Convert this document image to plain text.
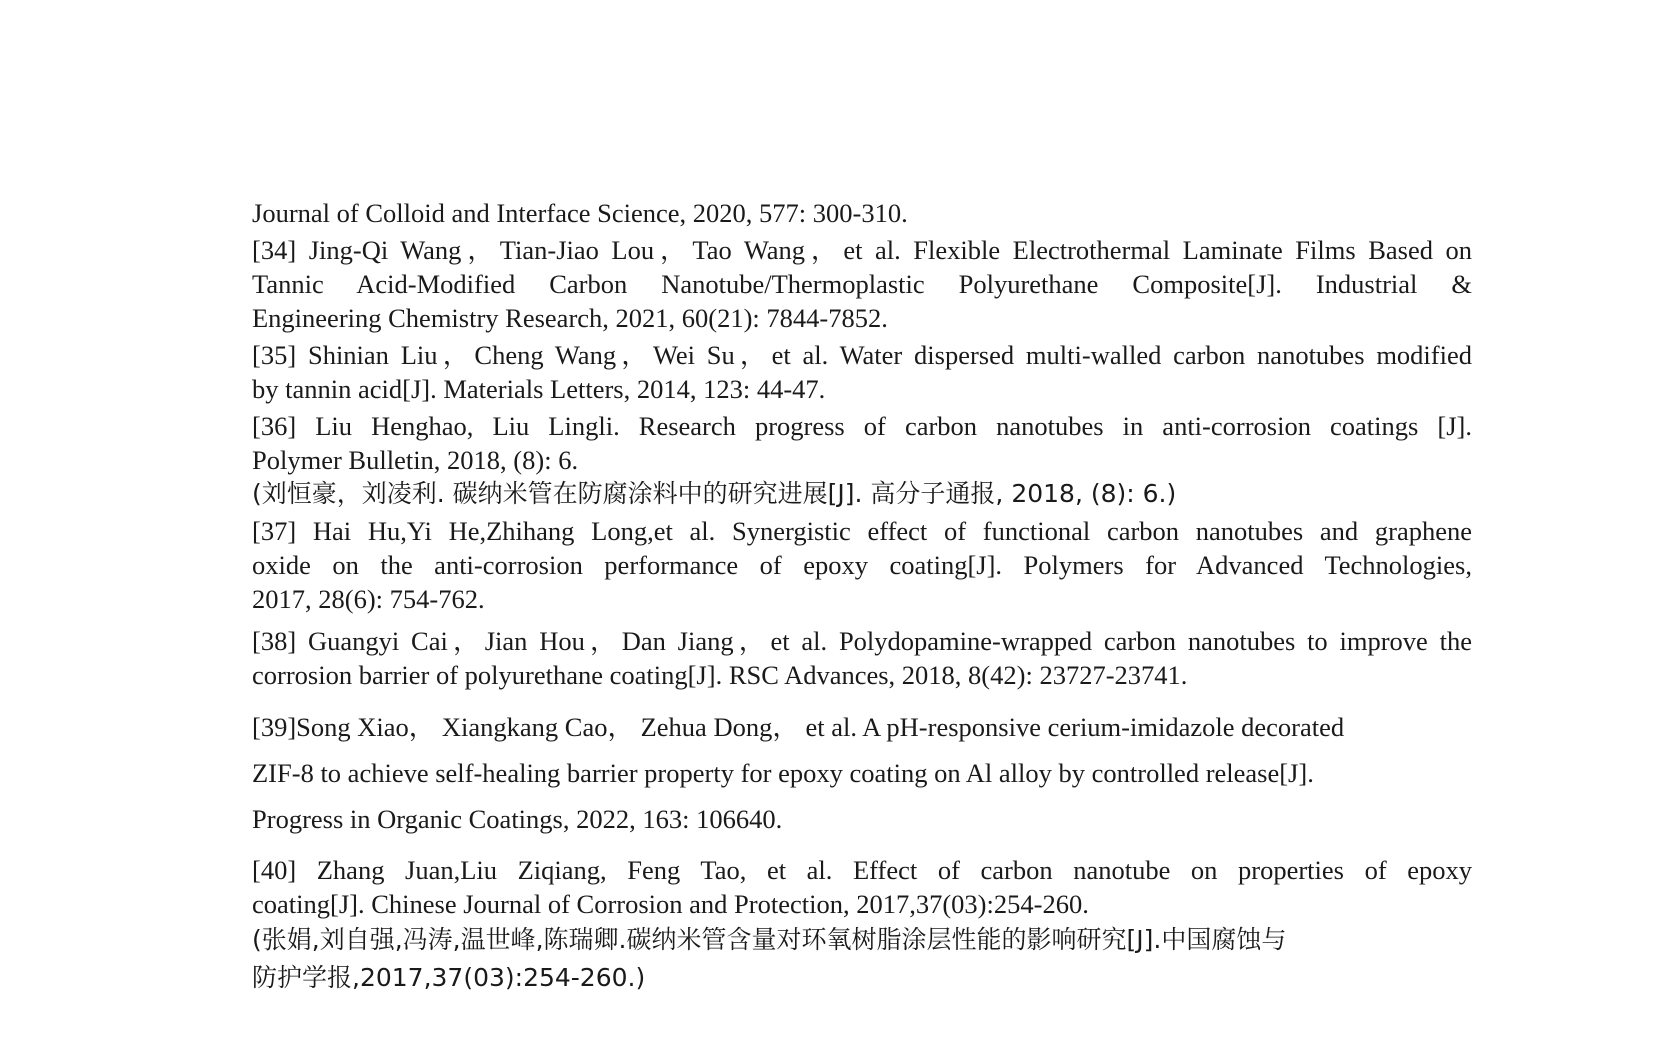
Journal of Colloid and Interface Science, 2020, 577: 300-310.
[34] Jing-Qi Wang，Tian-Jiao Lou，Tao Wang，et al. Flexible Electrothermal Laminate Films Based on
Tannic Acid-Modified Carbon Nanotube/Thermoplastic Polyurethane Composite[J]. Industrial &
Engineering Chemistry Research, 2021, 60(21): 7844-7852.
[35] Shinian Liu，Cheng Wang，Wei Su，et al. Water dispersed multi-walled carbon nanotubes modified
by tannin acid[J]. Materials Letters, 2014, 123: 44-47.
[36] Liu Henghao, Liu Lingli. Research progress of carbon nanotubes in anti-corrosion coatings [J].
Polymer Bulletin, 2018, (8): 6.
(刘恒豪，刘凌利. 碳纳米管在防腐涂料中的研究进展[J]. 高分子通报, 2018, (8): 6.)
[37] Hai Hu,Yi He,Zhihang Long,et al. Synergistic effect of functional carbon nanotubes and graphene
oxide on the anti-corrosion performance of epoxy coating[J]. Polymers for Advanced Technologies,
2017, 28(6): 754-762.
[38] Guangyi Cai，Jian Hou，Dan Jiang，et al. Polydopamine-wrapped carbon nanotubes to improve the
corrosion barrier of polyurethane coating[J]. RSC Advances, 2018, 8(42): 23727-23741.
[39]Song Xiao， Xiangkang Cao， Zehua Dong， et al. A pH-responsive cerium-imidazole decorated
ZIF-8 to achieve self-healing barrier property for epoxy coating on Al alloy by controlled release[J].
Progress in Organic Coatings, 2022, 163: 106640.
[40] Zhang Juan,Liu Ziqiang, Feng Tao, et al. Effect of carbon nanotube on properties of epoxy
coating[J]. Chinese Journal of Corrosion and Protection, 2017,37(03):254-260.
(张娟,刘自强,冯涛,温世峰,陈瑞卿.碳纳米管含量对环氧树脂涂层性能的影响研究[J].中国腐蚀与
防护学报,2017,37(03):254-260.)
